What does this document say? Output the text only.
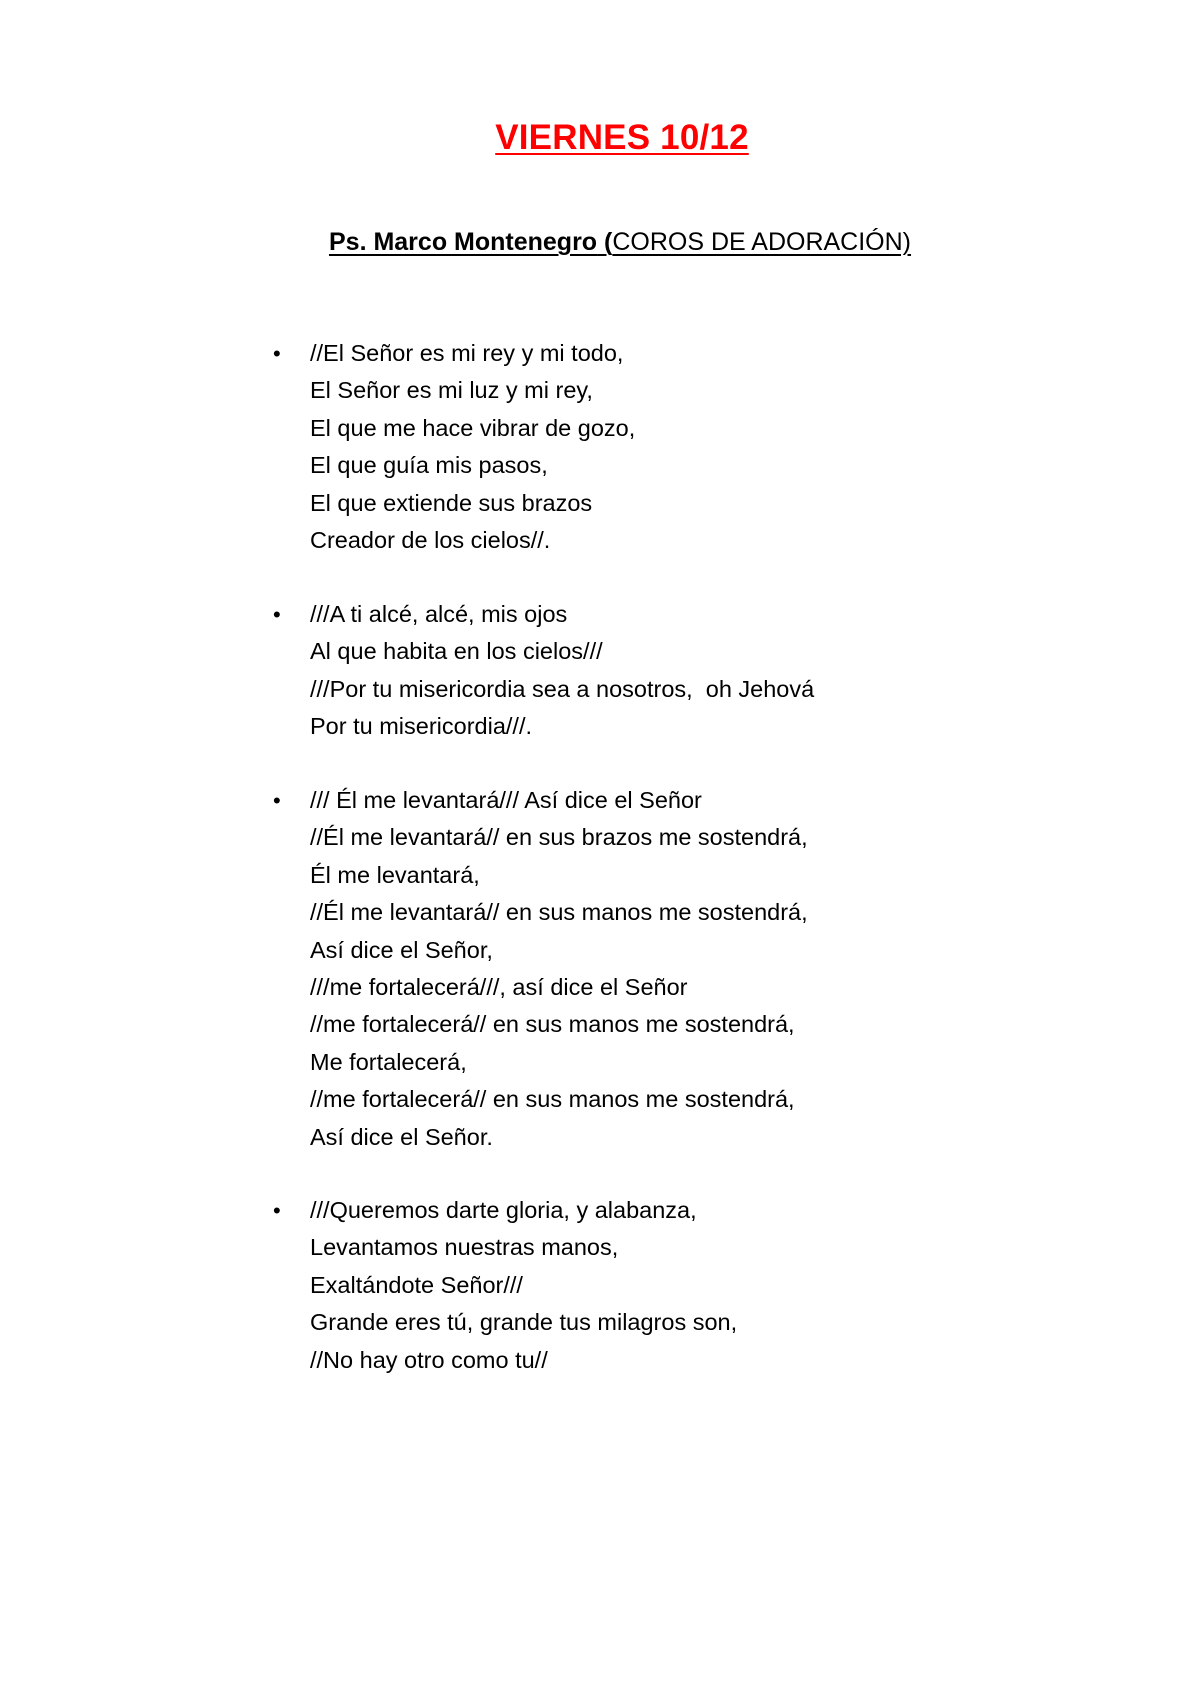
VIERNES 10/12
Ps. Marco Montenegro (COROS DE ADORACIÓN)
• //El Señor es mi rey y mi todo,
El Señor es mi luz y mi rey,
El que me hace vibrar de gozo,
El que guía mis pasos,
El que extiende sus brazos
Creador de los cielos//.
• ///A ti alcé, alcé, mis ojos
Al que habita en los cielos///
///Por tu misericordia sea a nosotros,  oh Jehová
Por tu misericordia///.
• /// Él me levantará/// Así dice el Señor
//Él me levantará// en sus brazos me sostendrá,
Él me levantará,
//Él me levantará// en sus manos me sostendrá,
Así dice el Señor,
///me fortalecerá///, así dice el Señor
//me fortalecerá// en sus manos me sostendrá,
Me fortalecerá,
//me fortalecerá// en sus manos me sostendrá,
Así dice el Señor.
• ///Queremos darte gloria, y alabanza,
Levantamos nuestras manos,
Exaltándote Señor///
Grande eres tú, grande tus milagros son,
//No hay otro como tu//
